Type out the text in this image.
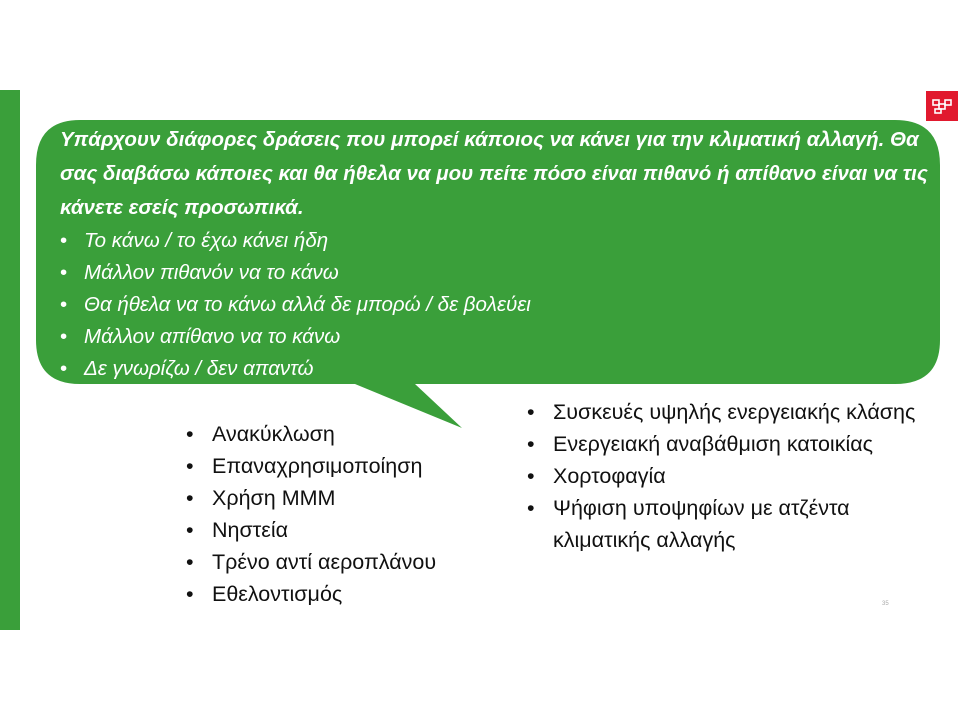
Υπάρχουν διάφορες δράσεις που μπορεί κάποιος να κάνει για την κλιματική αλλαγή. Θα σας διαβάσω κάποιες και θα ήθελα να μου πείτε πόσο είναι πιθανό ή απίθανο είναι να τις κάνετε εσείς προσωπικά.

• Το κάνω / το έχω κάνει ήδη
• Μάλλον πιθανόν να το κάνω
• Θα ήθελα να το κάνω αλλά δε μπορώ / δε βολεύει
• Μάλλον απίθανο να το κάνω
• Δε γνωρίζω / δεν απαντώ
• Ανακύκλωση
• Επαναχρησιμοποίηση
• Χρήση ΜΜΜ
• Νηστεία
• Τρένο αντί αεροπλάνου
• Εθελοντισμός
• Συσκευές υψηλής ενεργειακής κλάσης
• Ενεργειακή αναβάθμιση κατοικίας
• Χορτοφαγία
• Ψήφιση υποψηφίων με ατζέντα κλιματικής αλλαγής
35
